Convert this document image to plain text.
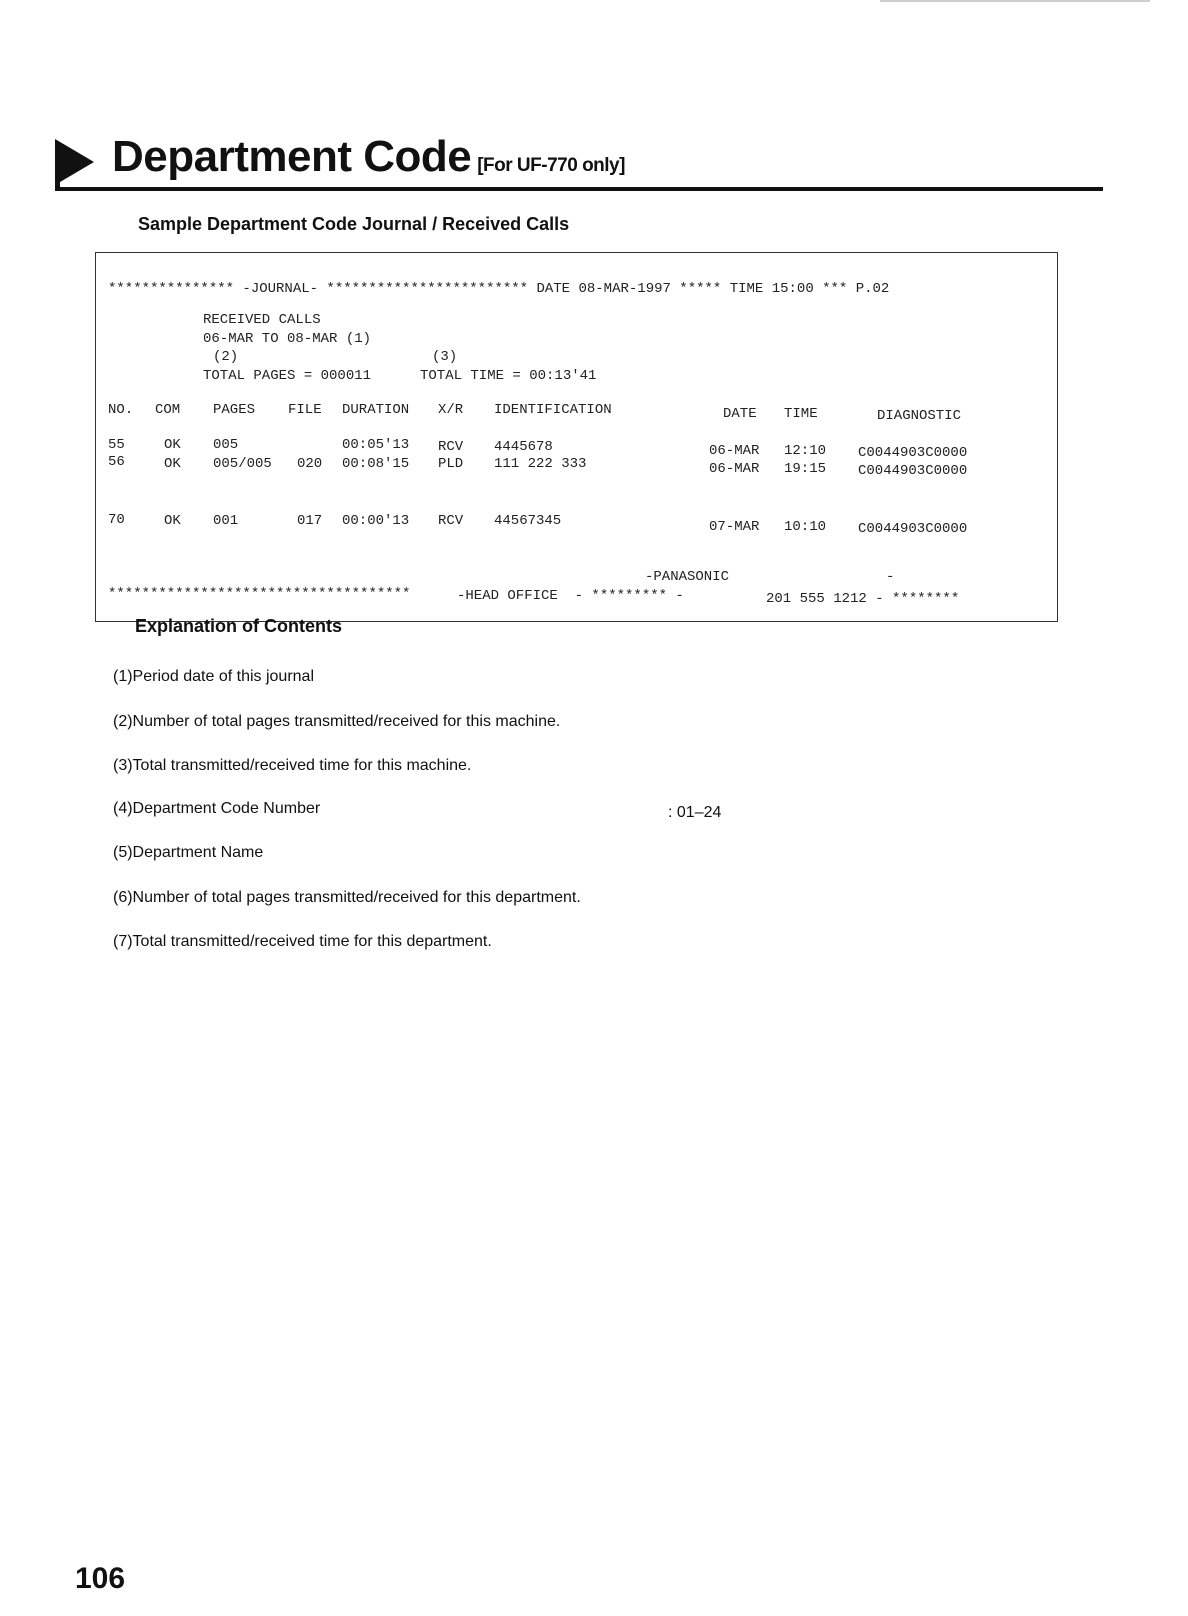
Department Code [For UF-770 only]
Sample Department Code Journal / Received Calls
*************** -JOURNAL- ************************ DATE 08-MAR-1997 ***** TIME 15:00 *** P.02
RECEIVED CALLS
06-MAR TO 08-MAR (1)
(2)	(3)
TOTAL PAGES = 000011	TOTAL TIME = 00:13'41
NO. COM PAGES FILE DURATION X/R IDENTIFICATION	DATE TIME	DIAGNOSTIC
55	OK 005	00:05'13 RCV 4445678	06-MAR 12:10 C0044903C0000
56	OK 005/005 020 00:08'15 PLD 111 222 333	06-MAR 19:15 C0044903C0000
70	OK 001	017 00:00'13 RCV 44567345	07-MAR 10:10 C0044903C0000
-PANASONIC	-
************************************	-HEAD OFFICE  - ********* -	201 555 1212 - ********
Explanation of Contents
(1)Period date of this journal
(2)Number of total pages transmitted/received for this machine.
(3)Total transmitted/received time for this machine.
(4)Department Code Number	: 01–24
(5)Department Name
(6)Number of total pages transmitted/received for this department.
(7)Total transmitted/received time for this department.
106
